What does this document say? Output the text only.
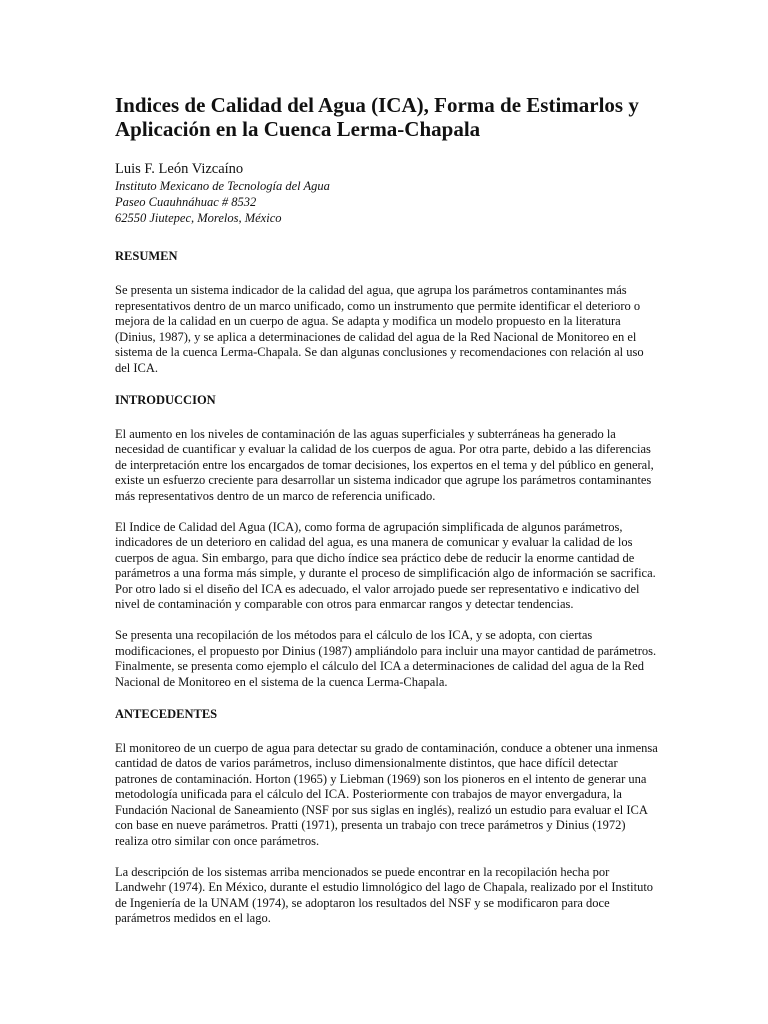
Indices de Calidad del Agua (ICA), Forma de Estimarlos y
Aplicación en la Cuenca Lerma-Chapala

Luis F. León Vizcaíno

Instituto Mexicano de Tecnología del Agua

Paseo Cuauhnáhuac # 8532

62550 Jiutepec, Morelos, México

RESUMEN

Se presenta un sistema indicador de la calidad del agua, que agrupa los parámetros contaminantes más representativos dentro de un marco unificado, como un instrumento que permite identificar el deterioro o mejora de la calidad en un cuerpo de agua. Se adapta y modifica un modelo propuesto en la literatura (Dinius, 1987), y se aplica a determinaciones de calidad del agua de la Red Nacional de Monitoreo en el sistema de la cuenca Lerma-Chapala. Se dan algunas conclusiones y recomendaciones con relación al uso del ICA.

INTRODUCCION

El aumento en los niveles de contaminación de las aguas superficiales y subterráneas ha generado la necesidad de cuantificar y evaluar la calidad de los cuerpos de agua. Por otra parte, debido a las diferencias de interpretación entre los encargados de tomar decisiones, los expertos en el tema y del público en general, existe un esfuerzo creciente para desarrollar un sistema indicador que agrupe los parámetros contaminantes más representativos dentro de un marco de referencia unificado.

El Indice de Calidad del Agua (ICA), como forma de agrupación simplificada de algunos parámetros, indicadores de un deterioro en calidad del agua, es una manera de comunicar y evaluar la calidad de los cuerpos de agua. Sin embargo, para que dicho índice sea práctico debe de reducir la enorme cantidad de parámetros a una forma más simple, y durante el proceso de simplificación algo de información se sacrifica. Por otro lado si el diseño del ICA es adecuado, el valor arrojado puede ser representativo e indicativo del nivel de contaminación y comparable con otros para enmarcar rangos y detectar tendencias.

Se presenta una recopilación de los métodos para el cálculo de los ICA, y se adopta, con ciertas modificaciones, el propuesto por Dinius (1987) ampliándolo para incluir una mayor cantidad de parámetros. Finalmente, se presenta como ejemplo el cálculo del ICA a determinaciones de calidad del agua de la Red Nacional de Monitoreo en el sistema de la cuenca Lerma-Chapala.

ANTECEDENTES

El monitoreo de un cuerpo de agua para detectar su grado de contaminación, conduce a obtener una inmensa cantidad de datos de varios parámetros, incluso dimensionalmente distintos, que hace difícil detectar patrones de contaminación. Horton (1965) y Liebman (1969) son los pioneros en el intento de generar una metodología unificada para el cálculo del ICA. Posteriormente con trabajos de mayor envergadura, la Fundación Nacional de Saneamiento (NSF por sus siglas en inglés), realizó un estudio para evaluar el ICA con base en nueve parámetros. Pratti (1971), presenta un trabajo con trece parámetros y Dinius (1972) realiza otro similar con once parámetros.

La descripción de los sistemas arriba mencionados se puede encontrar en la recopilación hecha por Landwehr (1974). En México, durante el estudio limnológico del lago de Chapala, realizado por el Instituto de Ingeniería de la UNAM (1974), se adoptaron los resultados del NSF y se modificaron para doce parámetros medidos en el lago.
